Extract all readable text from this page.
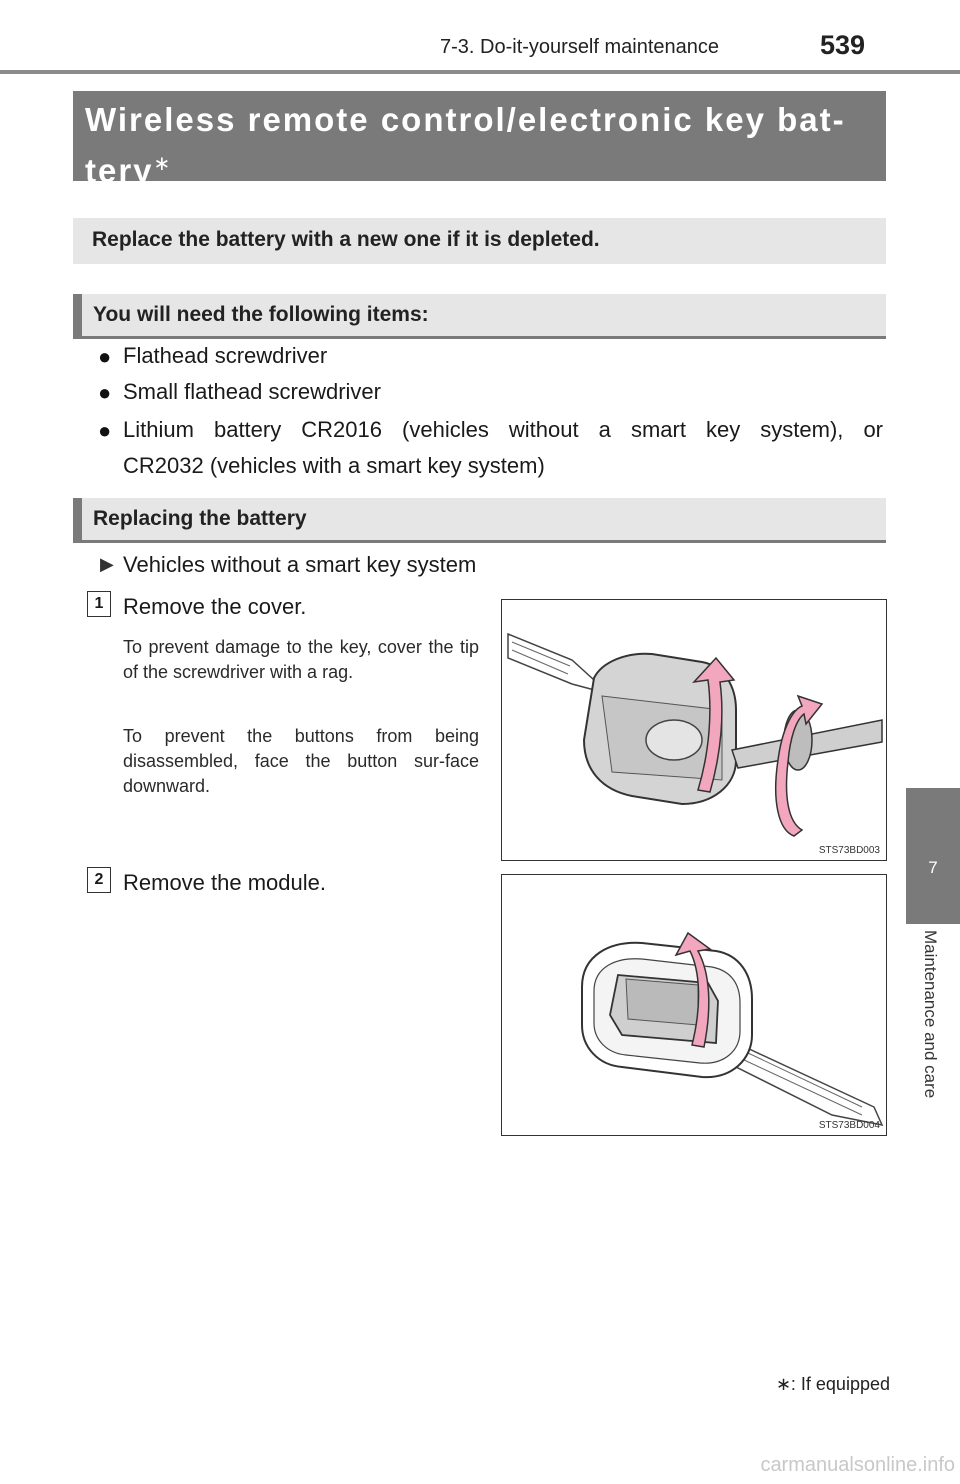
7-3. Do-it-yourself maintenance	539
Wireless remote control/electronic key bat-
tery∗
Replace the battery with a new one if it is depleted.
You will need the following items:
● Flathead screwdriver
● Small flathead screwdriver
● Lithium battery CR2016 (vehicles without a smart key system), or
CR2032 (vehicles with a smart key system)
Replacing the battery
▶ Vehicles without a smart key system
1 Remove the cover.
To prevent damage to the key, cover the tip of the screwdriver with a rag.
To prevent the buttons from being disassembled, face the button sur-face downward.
STS73BD003
2 Remove the module.
STS73BD004
7
Maintenance and care
∗: If equipped
carmanualsonline.info
